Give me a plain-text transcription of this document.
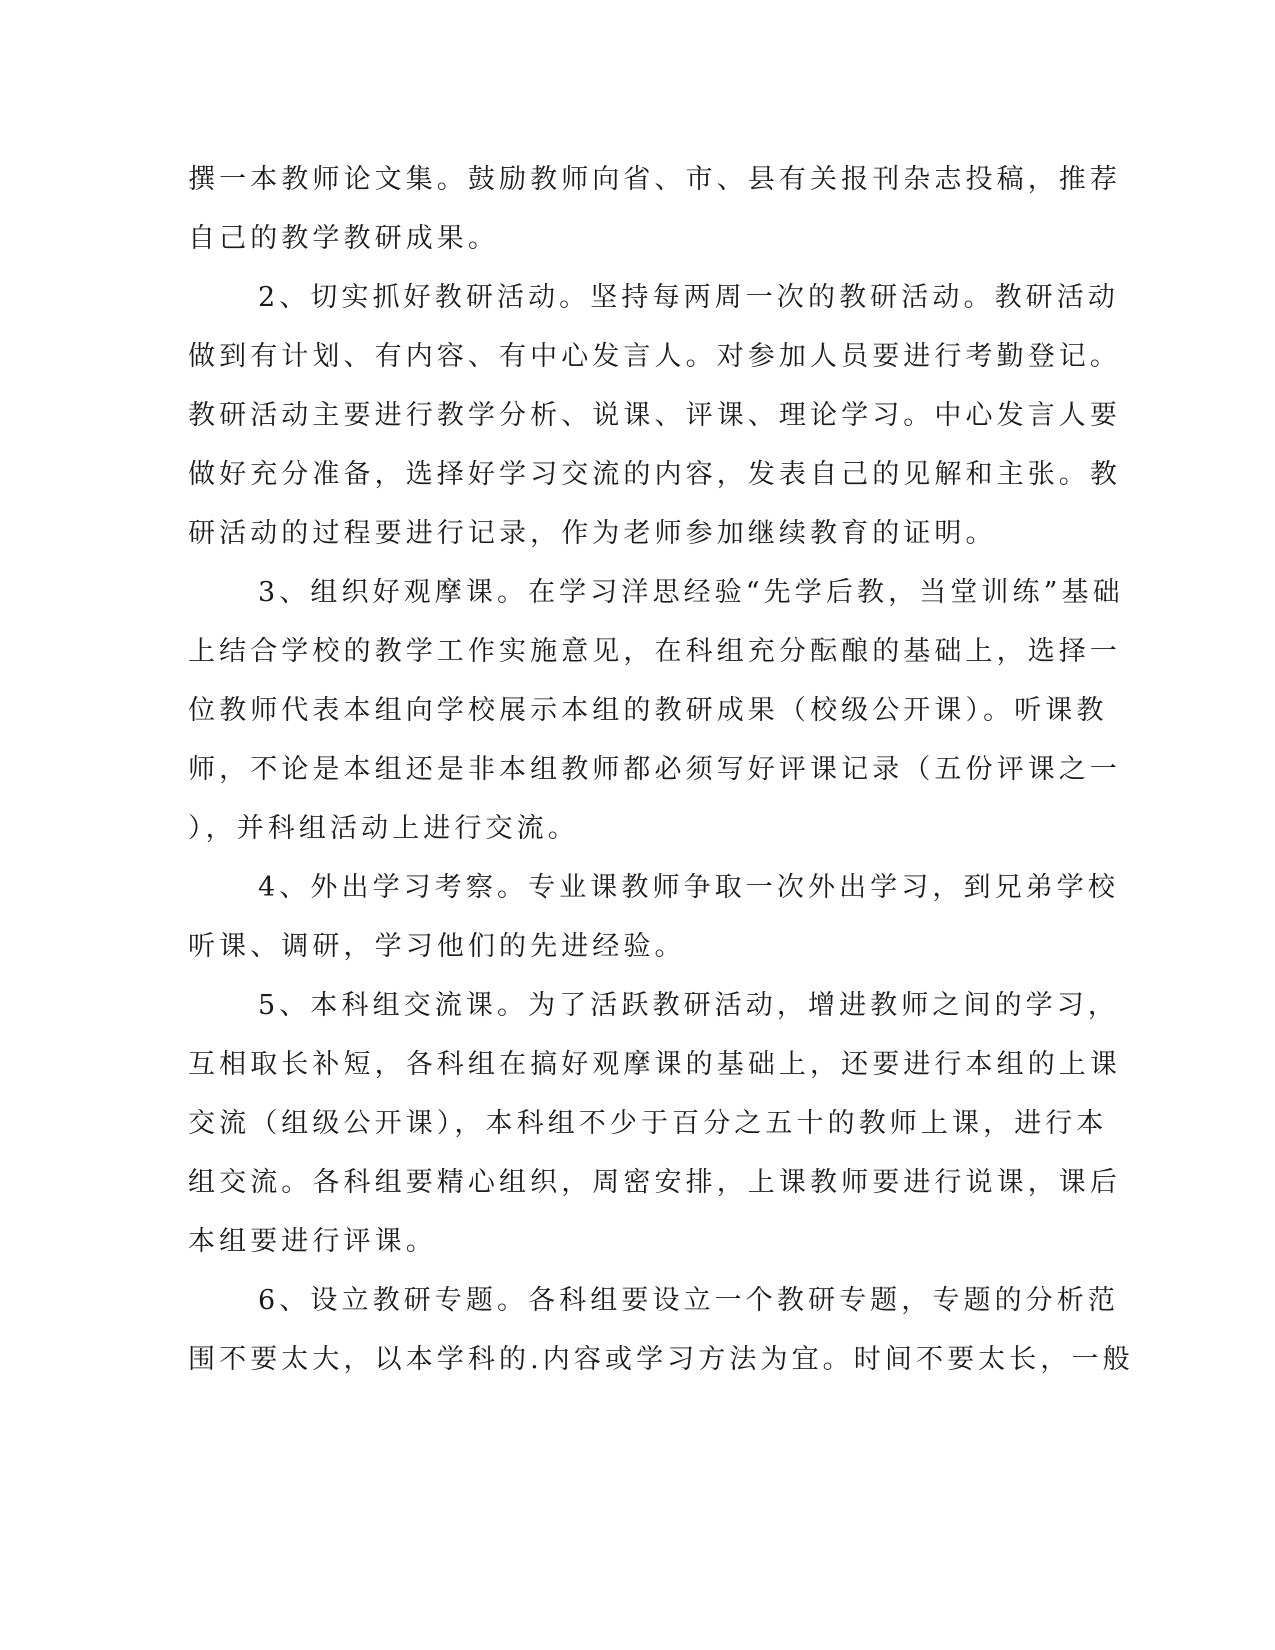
撰一本教师论文集。鼓励教师向省、市、县有关报刊杂志投稿，推荐
自己的教学教研成果。
2、切实抓好教研活动。坚持每两周一次的教研活动。教研活动
做到有计划、有内容、有中心发言人。对参加人员要进行考勤登记。
教研活动主要进行教学分析、说课、评课、理论学习。中心发言人要
做好充分准备，选择好学习交流的内容，发表自己的见解和主张。教
研活动的过程要进行记录，作为老师参加继续教育的证明。
3、组织好观摩课。在学习洋思经验“先学后教，当堂训练”基础
上结合学校的教学工作实施意见，在科组充分酝酿的基础上，选择一
位教师代表本组向学校展示本组的教研成果（校级公开课）。听课教
师，不论是本组还是非本组教师都必须写好评课记录（五份评课之一
），并科组活动上进行交流。
4、外出学习考察。专业课教师争取一次外出学习，到兄弟学校
听课、调研，学习他们的先进经验。
5、本科组交流课。为了活跃教研活动，增进教师之间的学习，
互相取长补短，各科组在搞好观摩课的基础上，还要进行本组的上课
交流（组级公开课），本科组不少于百分之五十的教师上课，进行本
组交流。各科组要精心组织，周密安排，上课教师要进行说课，课后
本组要进行评课。
6、设立教研专题。各科组要设立一个教研专题，专题的分析范
围不要太大，以本学科的.内容或学习方法为宜。时间不要太长，一般
